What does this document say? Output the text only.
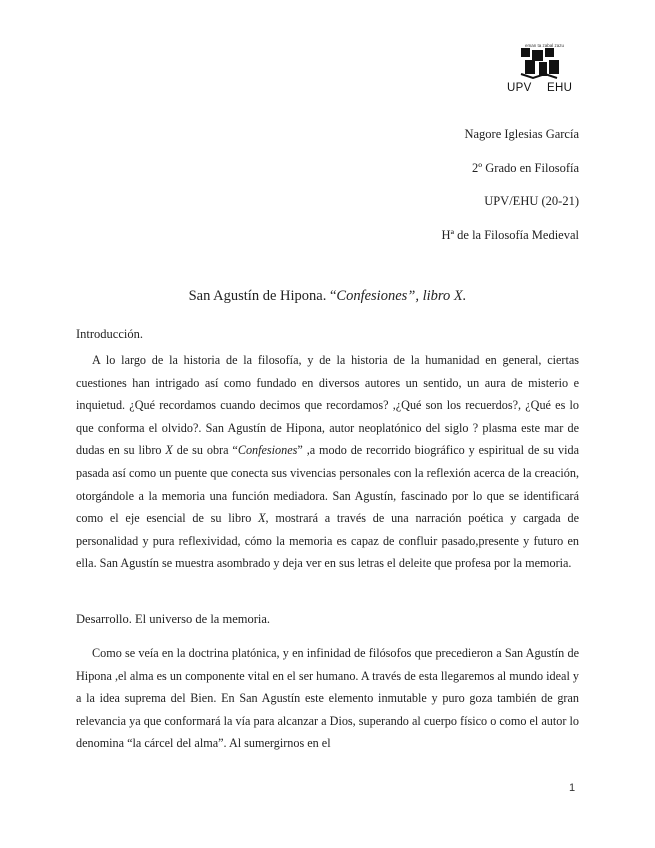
eman ta zabal zazu
UPV EHU
Nagore Iglesias García
2º Grado en Filosofía
UPV/EHU (20-21)
Hª de la Filosofía Medieval
San Agustín de Hipona. “Confesiones”, libro X.
Introducción.
A lo largo de la historia de la filosofía, y de la historia de la humanidad en general, ciertas cuestiones han intrigado así como fundado en diversos autores un sentido, un aura de misterio e inquietud. ¿Qué recordamos cuando decimos que recordamos? ,¿Qué son los recuerdos?, ¿Qué es lo que conforma el olvido?. San Agustín de Hipona, autor neoplatónico del siglo ? plasma este mar de dudas en su libro X de su obra “Confesiones” ,a modo de recorrido biográfico y espiritual de su vida pasada así como un puente que conecta sus vivencias personales con la reflexión acerca de la creación, otorgándole a la memoria una función mediadora. San Agustín, fascinado por lo que se identificará como el eje esencial de su libro X, mostrará a través de una narración poética y cargada de personalidad y pura reflexividad, cómo la memoria es capaz de confluir pasado,presente y futuro en ella. San Agustín se muestra asombrado y deja ver en sus letras el deleite que profesa por la memoria.
Desarrollo. El universo de la memoria.
Como se veía en la doctrina platónica, y en infinidad de filósofos que precedieron a San Agustín de Hipona ,el alma es un componente vital en el ser humano. A través de esta llegaremos al mundo ideal y a la idea suprema del Bien. En San Agustín este elemento inmutable y puro goza también de gran relevancia ya que conformará la vía para alcanzar a Dios, superando al cuerpo físico o como el autor lo denomina “la cárcel del alma”. Al sumergirnos en el
1
